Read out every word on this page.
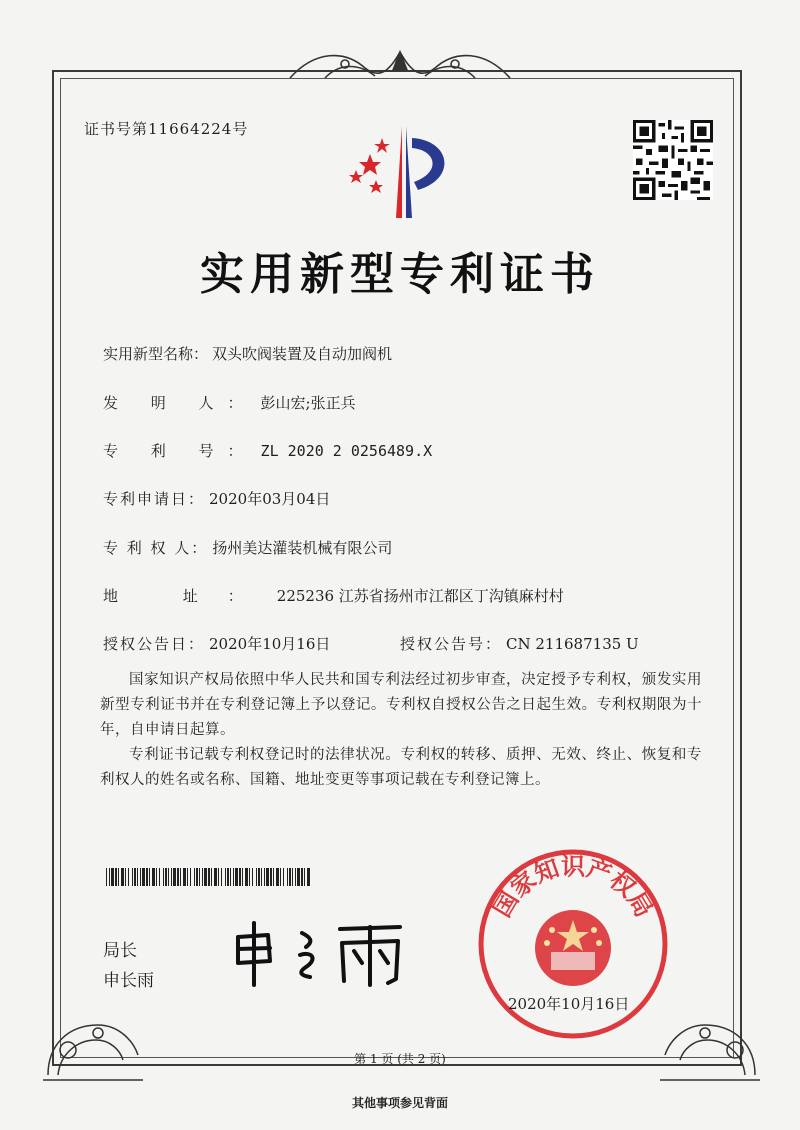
证书号第11664224号
实用新型专利证书
实用新型名称： 双头吹阀装置及自动加阀机
发 明 人： 彭山宏;张正兵
专 利 号： ZL 2020 2 0256489.X
专利申请日： 2020年03月04日
专 利 权 人： 扬州美达灌装机械有限公司
地 址： 225236 江苏省扬州市江都区丁沟镇麻村村
授权公告日： 2020年10月16日	授权公告号： CN 211687135 U
国家知识产权局依照中华人民共和国专利法经过初步审查，决定授予专利权，颁发实用新型专利证书并在专利登记簿上予以登记。专利权自授权公告之日起生效。专利权期限为十年，自申请日起算。
专利证书记载专利权登记时的法律状况。专利权的转移、质押、无效、终止、恢复和专利权人的姓名或名称、国籍、地址变更等事项记载在专利登记簿上。
局长
申长雨
国家知识产权局
2020年10月16日
第 1 页 (共 2 页)
其他事项参见背面
